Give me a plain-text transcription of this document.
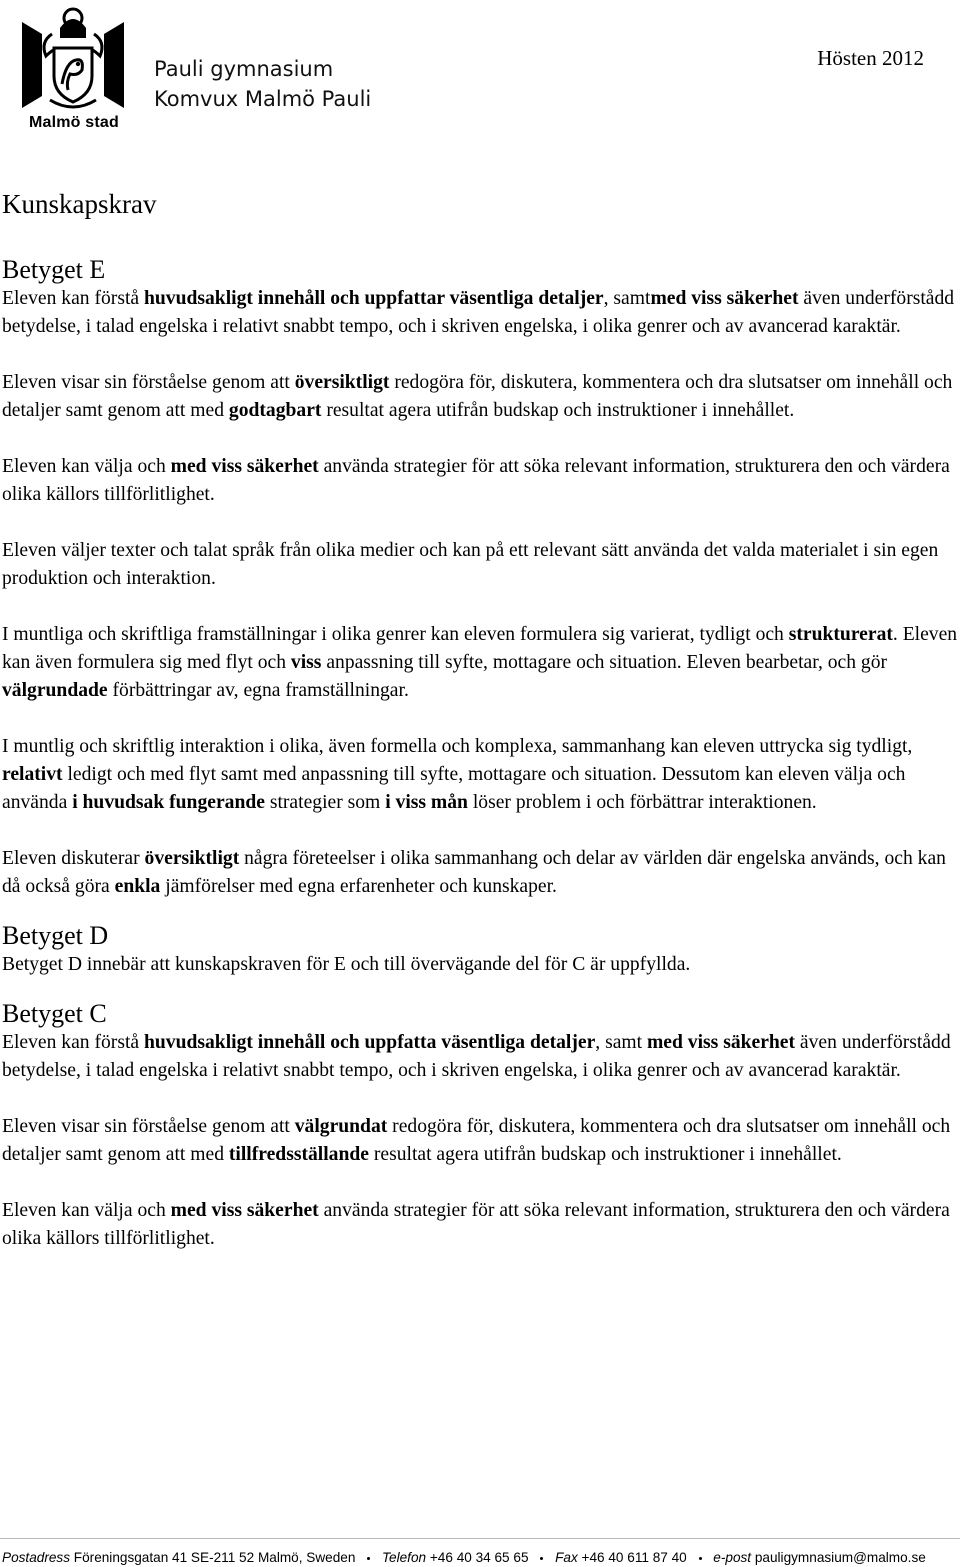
Malmö stad
Pauli gymnasium
Komvux Malmö Pauli
Hösten 2012
Kunskapskrav
Betyget E

Eleven kan förstå huvudsakligt innehåll och uppfattar väsentliga detaljer, samtmed viss säkerhet även underförstådd betydelse, i talad engelska i relativt snabbt tempo, och i skriven engelska, i olika genrer och av avancerad karaktär.

Eleven visar sin förståelse genom att översiktligt redogöra för, diskutera, kommentera och dra slutsatser om innehåll och detaljer samt genom att med godtagbart resultat agera utifrån budskap och instruktioner i innehållet.

Eleven kan välja och med viss säkerhet använda strategier för att söka relevant information, strukturera den och värdera olika källors tillförlitlighet.

Eleven väljer texter och talat språk från olika medier och kan på ett relevant sätt använda det valda materialet i sin egen produktion och interaktion.

I muntliga och skriftliga framställningar i olika genrer kan eleven formulera sig varierat, tydligt och strukturerat. Eleven kan även formulera sig med flyt och viss anpassning till syfte, mottagare och situation. Eleven bearbetar, och gör välgrundade förbättringar av, egna framställningar.

I muntlig och skriftlig interaktion i olika, även formella och komplexa, sammanhang kan eleven uttrycka sig tydligt, relativt ledigt och med flyt samt med anpassning till syfte, mottagare och situation. Dessutom kan eleven välja och använda i huvudsak fungerande strategier som i viss mån löser problem i och förbättrar interaktionen.

Eleven diskuterar översiktligt några företeelser i olika sammanhang och delar av världen där engelska används, och kan då också göra enkla jämförelser med egna erfarenheter och kunskaper.

Betyget D

Betyget D innebär att kunskapskraven för E och till övervägande del för C är uppfyllda.

Betyget C

Eleven kan förstå huvudsakligt innehåll och uppfatta väsentliga detaljer, samt med viss säkerhet även underförstådd betydelse, i talad engelska i relativt snabbt tempo, och i skriven engelska, i olika genrer och av avancerad karaktär.

Eleven visar sin förståelse genom att välgrundat redogöra för, diskutera, kommentera och dra slutsatser om innehåll och detaljer samt genom att med tillfredsställande resultat agera utifrån budskap och instruktioner i innehållet.

Eleven kan välja och med viss säkerhet använda strategier för att söka relevant information, strukturera den och värdera olika källors tillförlitlighet.

Postadress Föreningsgatan 41 SE-211 52 Malmö, Sweden Telefon +46 40 34 65 65 Fax +46 40 611 87 40 e-post pauligymnasium@malmo.se
